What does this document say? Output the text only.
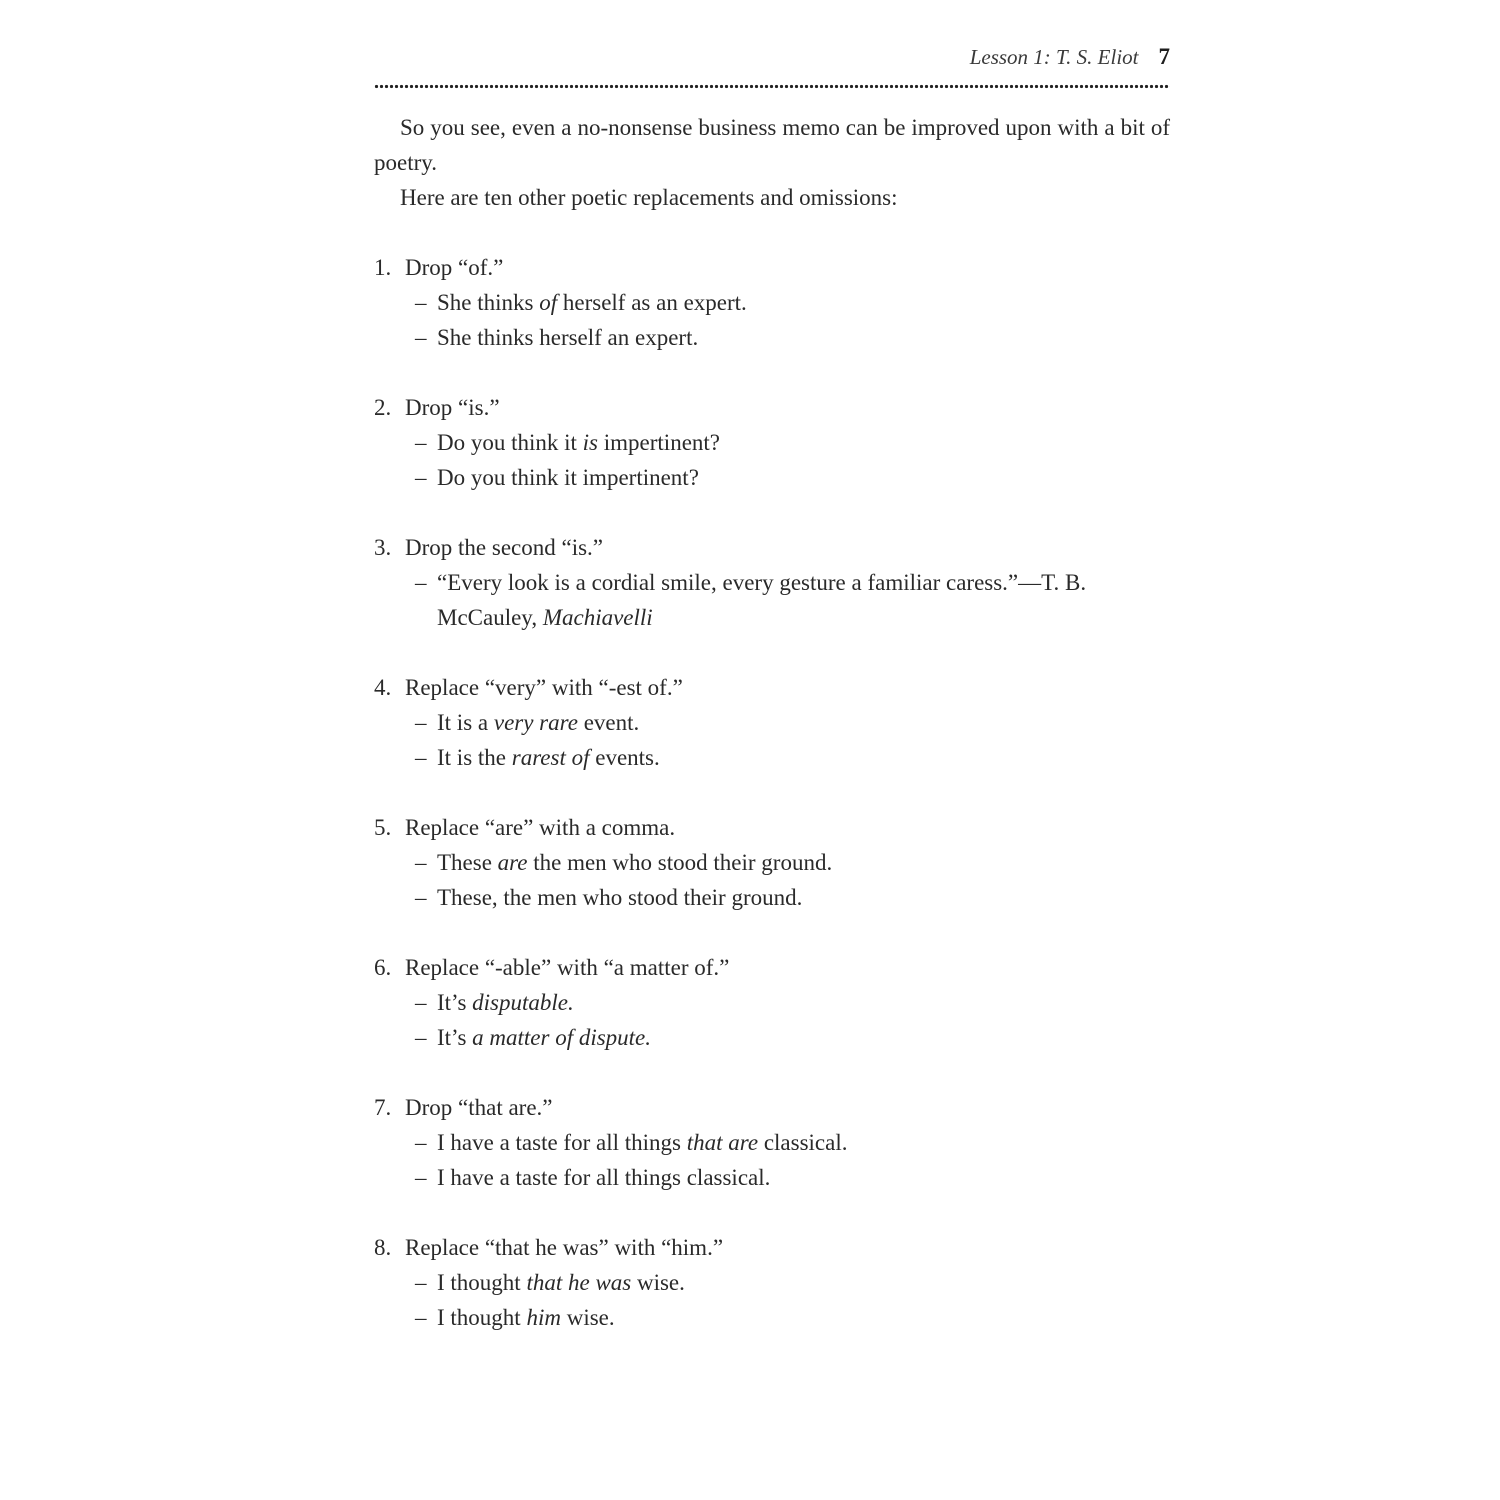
Lesson 1: T. S. Eliot 7

So you see, even a no-nonsense business memo can be improved upon with a bit of poetry.

Here are ten other poetic replacements and omissions:

1. Drop “of.”
– She thinks of herself as an expert.
– She thinks herself an expert.
2. Drop “is.”
– Do you think it is impertinent?
– Do you think it impertinent?
3. Drop the second “is.”
– “Every look is a cordial smile, every gesture a familiar caress.”—T. B. McCauley, Machiavelli
4. Replace “very” with “-est of.”
– It is a very rare event.
– It is the rarest of events.
5. Replace “are” with a comma.
– These are the men who stood their ground.
– These, the men who stood their ground.
6. Replace “-able” with “a matter of.”
– It’s disputable.
– It’s a matter of dispute.
7. Drop “that are.”
– I have a taste for all things that are classical.
– I have a taste for all things classical.
8. Replace “that he was” with “him.”
– I thought that he was wise.
– I thought him wise.
